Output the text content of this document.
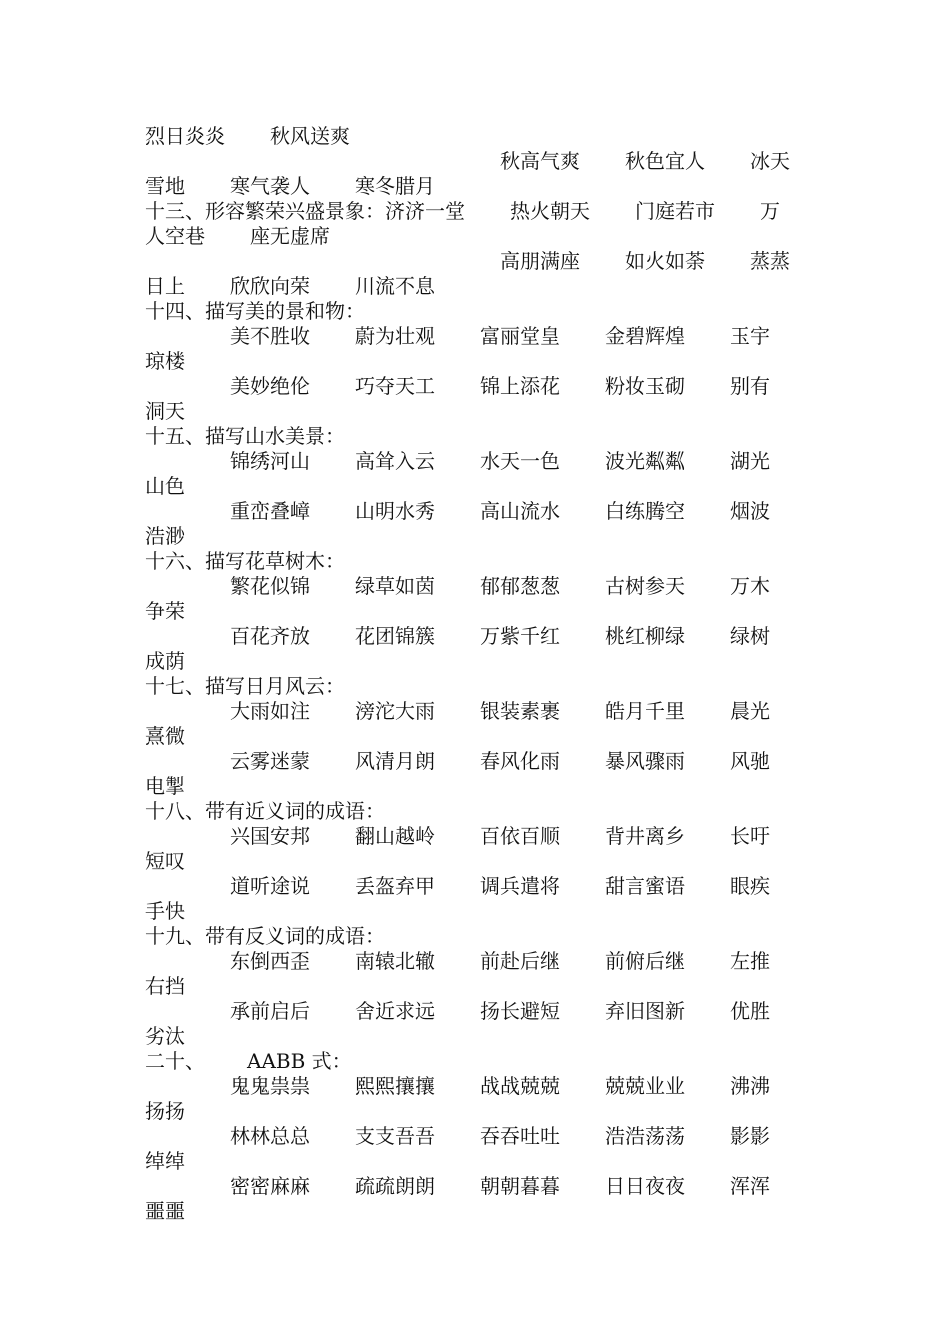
烈日炎炎 秋风送爽
秋高气爽 秋色宜人 冰天
雪地 寒气袭人 寒冬腊月
十三、形容繁荣兴盛景象：济济一堂 热火朝天 门庭若市 万
人空巷 座无虚席
高朋满座 如火如荼 蒸蒸
日上 欣欣向荣 川流不息
十四、描写美的景和物：
美不胜收 蔚为壮观 富丽堂皇 金碧辉煌 玉宇
琼楼
美妙绝伦 巧夺天工 锦上添花 粉妆玉砌 别有
洞天
十五、描写山水美景：
锦绣河山 高耸入云 水天一色 波光粼粼 湖光
山色
重峦叠嶂 山明水秀 高山流水 白练腾空 烟波
浩渺
十六、描写花草树木：
繁花似锦 绿草如茵 郁郁葱葱 古树参天 万木
争荣
百花齐放 花团锦簇 万紫千红 桃红柳绿 绿树
成荫
十七、描写日月风云：
大雨如注 滂沱大雨 银装素裹 皓月千里 晨光
熹微
云雾迷蒙 风清月朗 春风化雨 暴风骤雨 风驰
电掣
十八、带有近义词的成语：
兴国安邦 翻山越岭 百依百顺 背井离乡 长吁
短叹
道听途说 丢盔弃甲 调兵遣将 甜言蜜语 眼疾
手快
十九、带有反义词的成语：
东倒西歪 南辕北辙 前赴后继 前俯后继 左推
右挡
承前启后 舍近求远 扬长避短 弃旧图新 优胜
劣汰
二十、 AABB 式：
鬼鬼祟祟 熙熙攘攘 战战兢兢 兢兢业业 沸沸
扬扬
林林总总 支支吾吾 吞吞吐吐 浩浩荡荡 影影
绰绰
密密麻麻 疏疏朗朗 朝朝暮暮 日日夜夜 浑浑
噩噩
